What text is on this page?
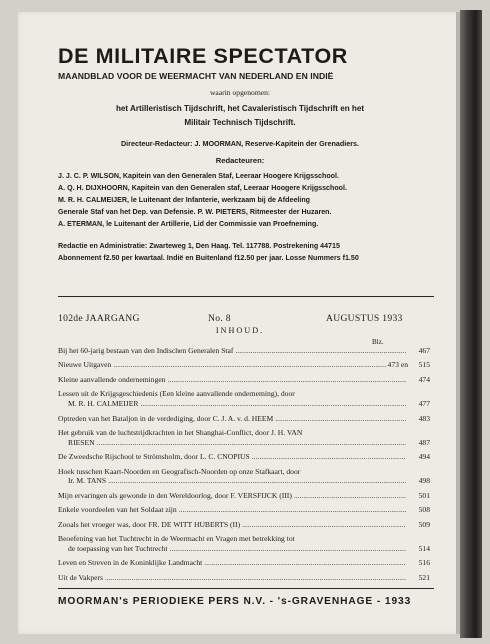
DE MILITAIRE SPECTATOR
MAANDBLAD VOOR DE WEERMACHT VAN NEDERLAND EN INDIË
waarin opgenomen:
het Artilleristisch Tijdschrift, het Cavaleristisch Tijdschrift en het
Militair Technisch Tijdschrift.
Directeur-Redacteur: J. MOORMAN, Reserve-Kapitein der Grenadiers.
Redacteuren:
J. J. C. P. WILSON, Kapitein van den Generalen Staf, Leeraar Hoogere Krijgsschool.
A. Q. H. DIJXHOORN, Kapitein van den Generalen staf, Leeraar Hoogere Krijgsschool.
M. R. H. CALMEIJER, le Luitenant der Infanterie, werkzaam bij de Afdeeling
Generale Staf van het Dep. van Defensie. P. W. PIETERS, Ritmeester der Huzaren.
A. ETERMAN, le Luitenant der Artillerie, Lid der Commissie van Proefneming.
Redactie en Administratie: Zwarteweg 1, Den Haag. Tel. 117788. Postrekening 44715
Abonnement f2.50 per kwartaal. Indië en Buitenland f12.50 per jaar. Losse Nummers f1.50
102de JAARGANG	No. 8	AUGUSTUS 1933
INHOUD.
Blz.
Bij het 60-jarig bestaan van den Indischen Generalen Staf .....	467
Nieuwe Uitgaven .....	473 en	515
Kleine aanvallende ondernemingen .....	474
Lessen uit de Krijgsgeschiedenis (Een kleine aanvallende onderneming), door
M. R. H. CALMEIJER .....	477
Optreden van het Bataljon in de verdediging, door C. J. A. v. d. HEEM .....	483
Het gebruik van de luchtstrijdkrachten in het Shanghai-Conflict, door J. H. VAN
RIESEN .....	487
De Zweedsche Rijschool te Strömsholm, door L. C. CNOPIUS .....	494
Hoek tusschen Kaart-Noorden en Geografisch-Noorden op onze Stafkaart, door
Ir. M. TANS .....	498
Mijn ervaringen als gewonde in den Wereldoorlog, door F. VERSFIJCK (III) .....	501
Enkele voordeelen van het Soldaat zijn .....	508
Zooals het vroeger was, door FR. DE WITT HUBERTS (II) .....	509
Beoefening van het Tuchtrecht in de Weermacht en Vragen met betrekking tot
de toepassing van het Tuchtrecht .....	514
Leven en Streven in de Koninklijke Landmacht .....	516
Uit de Vakpers .....	521
MOORMAN's PERIODIEKE PERS N.V. - 's-GRAVENHAGE - 1933
